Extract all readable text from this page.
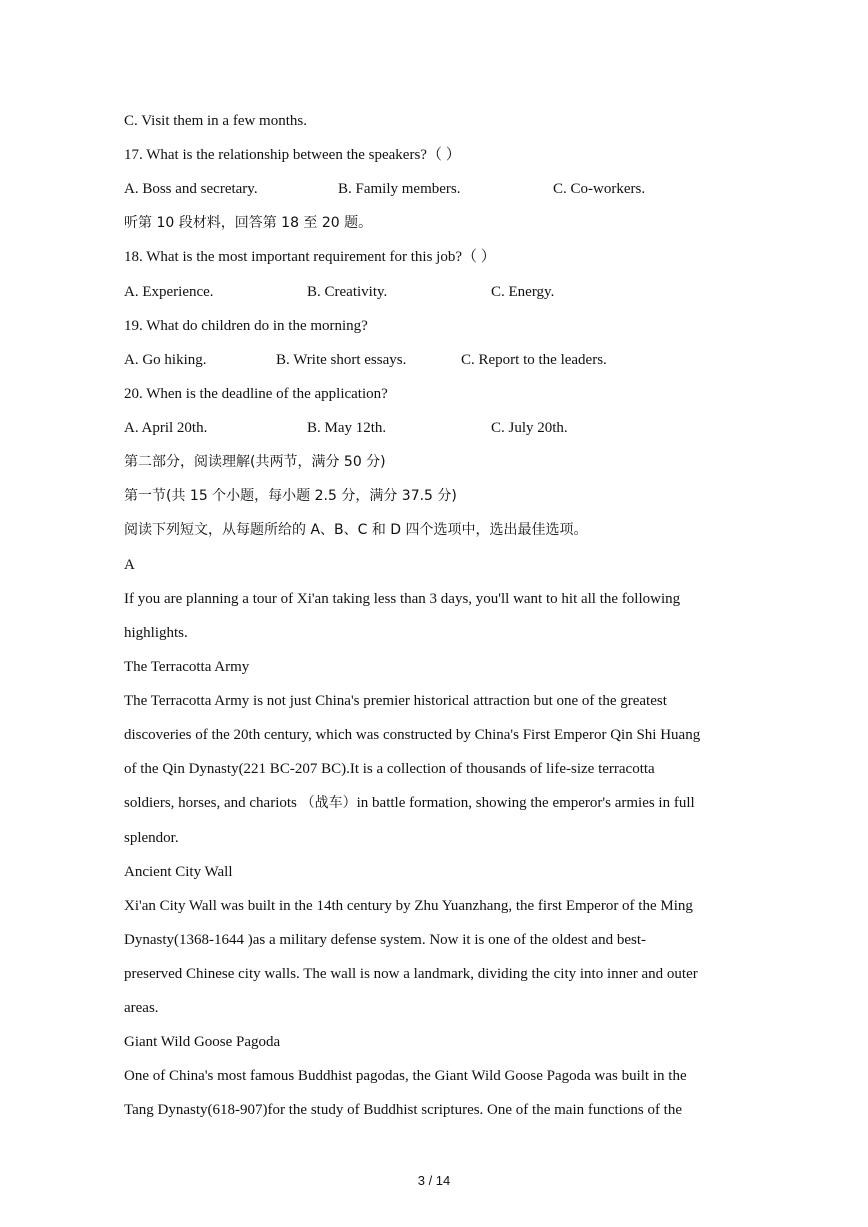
C. Visit them in a few months.
17. What is the relationship between the speakers?（ ）
A. Boss and secretary.	B. Family members.	C. Co-workers.
听第 10 段材料，回答第 18 至 20 题。
18. What is the most important requirement for this job?（ ）
A. Experience.	B. Creativity.	C. Energy.
19. What do children do in the morning?
A. Go hiking.	B. Write short essays.	C. Report to the leaders.
20. When is the deadline of the application?
A. April 20th.	B. May 12th.	C. July 20th.
第二部分，阅读理解(共两节，满分 50 分)
第一节(共 15 个小题，每小题 2.5 分，满分 37.5 分)
阅读下列短文，从每题所给的 A、B、C 和 D 四个选项中，选出最佳选项。
A
If you are planning a tour of Xi'an taking less than 3 days, you'll want to hit all the following
highlights.
The Terracotta Army
The Terracotta Army is not just China's premier historical attraction but one of the greatest
discoveries of the 20th century, which was constructed by China's First Emperor Qin Shi Huang
of the Qin Dynasty(221 BC-207 BC).It is a collection of thousands of life-size terracotta
soldiers, horses, and chariots （战车）in battle formation, showing the emperor's armies in full
splendor.
Ancient City Wall
Xi'an City Wall was built in the 14th century by Zhu Yuanzhang, the first Emperor of the Ming
Dynasty(1368-1644 )as a military defense system. Now it is one of the oldest and best-
preserved Chinese city walls. The wall is now a landmark, dividing the city into inner and outer
areas.
Giant Wild Goose Pagoda
One of China's most famous Buddhist pagodas, the Giant Wild Goose Pagoda was built in the
Tang Dynasty(618-907)for the study of Buddhist scriptures. One of the main functions of the
3 / 14
